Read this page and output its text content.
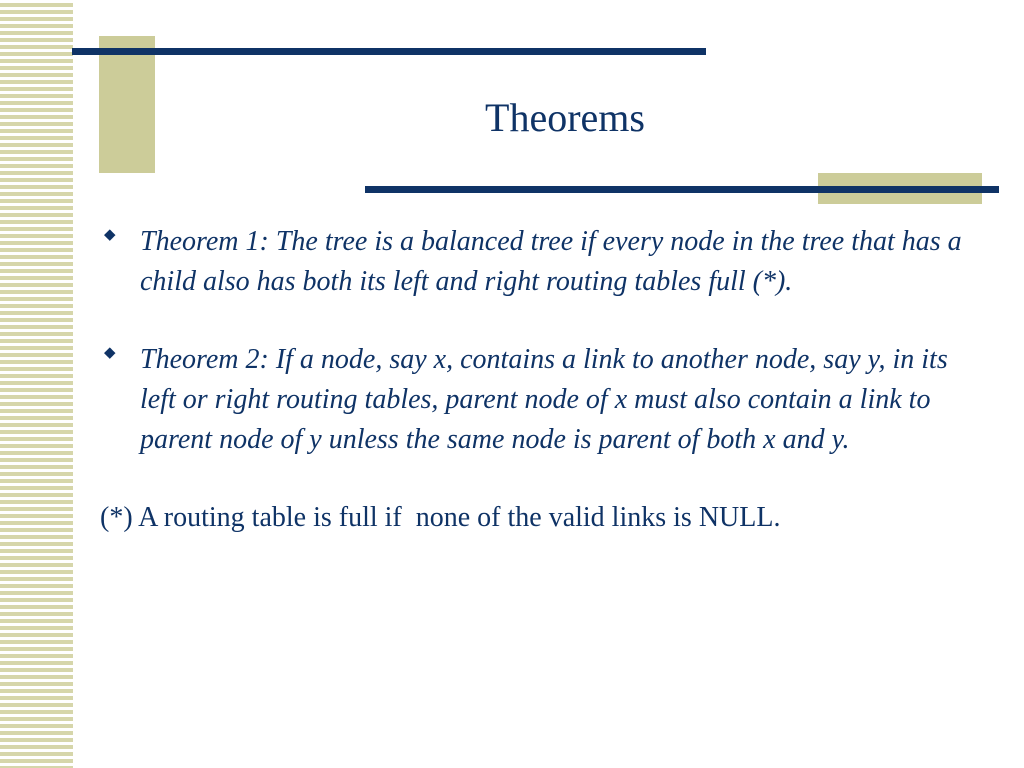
Theorems
◆ Theorem 1: The tree is a balanced tree if every node in the tree that has a child also has both its left and right routing tables full (*).
◆ Theorem 2: If a node, say x, contains a link to another node, say y, in its left or right routing tables, parent node of x must also contain a link to parent node of y unless the same node is parent of both x and y.
(*) A routing table is full if  none of the valid links is NULL.
